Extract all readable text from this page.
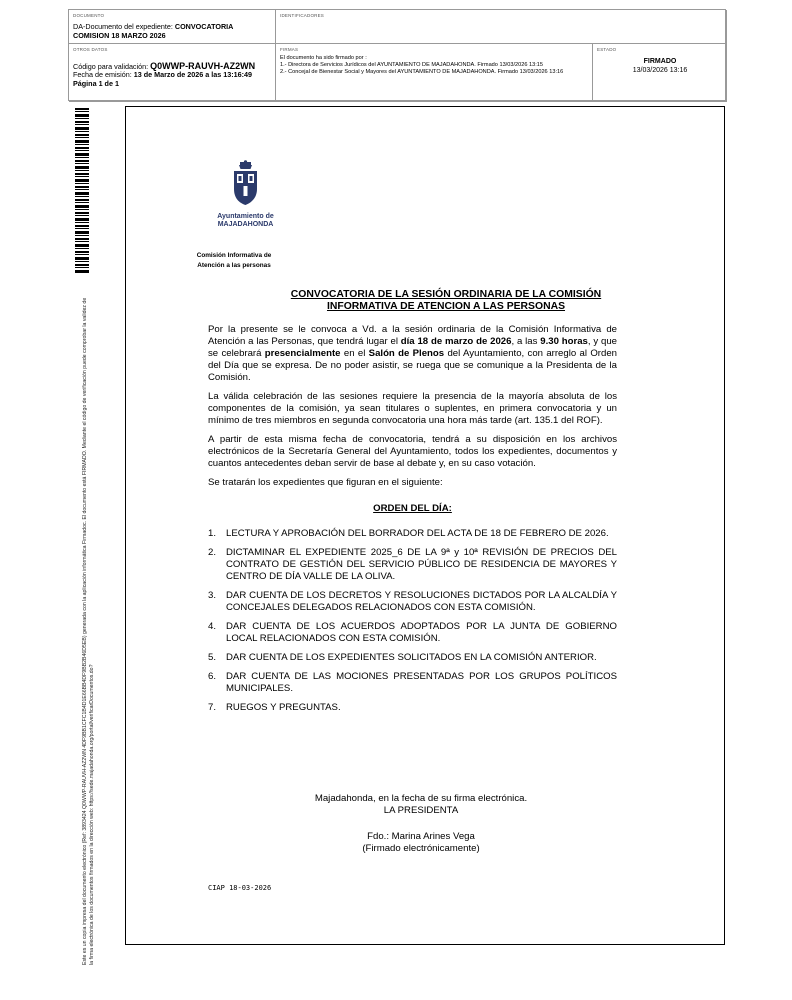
DOCUMENTO
DA-Documento del expediente: CONVOCATORIA COMISION 18 MARZO 2026
IDENTIFICADORES
OTROS DATOS
Código para validación: Q0WWP-RAUVH-AZ2WN
Fecha de emisión: 13 de Marzo de 2026 a las 13:16:49
Página 1 de 1
FIRMAS
El documento ha sido firmado por :
1.- Directora de Servicios Jurídicos del AYUNTAMIENTO DE MAJADAHONDA. Firmado 13/03/2026 13:15
2.- Concejal de Bienestar Social y Mayores del AYUNTAMIENTO DE MAJADAHONDA. Firmado 13/03/2026 13:16
ESTADO
FIRMADO
13/03/2026 13:16
Este es un copia impresa del documento electrónico (Ref: 3893424 Q0WWP-RAUVH-AZ2WN 4DF9BB1CFC1B4D1E66BB4DF9BB2B46D5EB) generada con la aplicación informática Firmadoc. El documento está FIRMADO. Mediante el código de verificación puede comprobar la validez de la firma electrónica de los documentos firmados en la dirección web: https://sede.majadahonda.org/portal/verificarDocumentos.do?
Ayuntamiento de
MAJADAHONDA
Comisión Informativa de
Atención a las personas
CONVOCATORIA DE LA SESIÓN ORDINARIA DE LA COMISIÓN INFORMATIVA DE ATENCION A LAS PERSONAS

Por la presente se le convoca a Vd. a la sesión ordinaria de la Comisión Informativa de Atención a las Personas, que tendrá lugar el día 18 de marzo de 2026, a las 9.30 horas, y que se celebrará presencialmente en el Salón de Plenos del Ayuntamiento, con arreglo al Orden del Día que se expresa. De no poder asistir, se ruega que se comunique a la Presidenta de la Comisión.

La válida celebración de las sesiones requiere la presencia de la mayoría absoluta de los componentes de la comisión, ya sean titulares o suplentes, en primera convocatoria y un mínimo de tres miembros en segunda convocatoria una hora más tarde (art. 135.1 del ROF).

A partir de esta misma fecha de convocatoria, tendrá a su disposición en los archivos electrónicos de la Secretaría General del Ayuntamiento, todos los expedientes, documentos y cuantos antecedentes deban servir de base al debate y, en su caso votación.

Se tratarán los expedientes que figuran en el siguiente:

ORDEN DEL DÍA:

1. LECTURA Y APROBACIÓN DEL BORRADOR DEL ACTA DE 18 DE FEBRERO DE 2026.
2. DICTAMINAR EL EXPEDIENTE 2025_6 DE LA 9ª y 10ª REVISIÓN DE PRECIOS DEL CONTRATO DE GESTIÓN DEL SERVICIO PÚBLICO DE RESIDENCIA DE MAYORES Y CENTRO DE DÍA VALLE DE LA OLIVA.
3. DAR CUENTA DE LOS DECRETOS Y RESOLUCIONES DICTADOS POR LA ALCALDÍA Y CONCEJALES DELEGADOS RELACIONADOS CON ESTA COMISIÓN.
4. DAR CUENTA DE LOS ACUERDOS ADOPTADOS POR LA JUNTA DE GOBIERNO LOCAL RELACIONADOS CON ESTA COMISIÓN.
5. DAR CUENTA DE LOS EXPEDIENTES SOLICITADOS EN LA COMISIÓN ANTERIOR.
6. DAR CUENTA DE LAS MOCIONES PRESENTADAS POR LOS GRUPOS POLÍTICOS MUNICIPALES.
7. RUEGOS Y PREGUNTAS.
Majadahonda, en la fecha de su firma electrónica.
LA PRESIDENTA
Fdo.: Marina Arines Vega
(Firmado electrónicamente)
CIAP 18-03-2026
